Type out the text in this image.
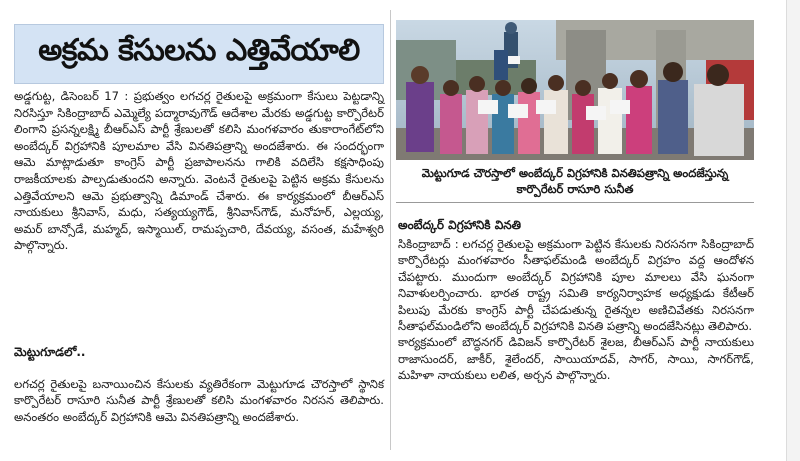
అక్రమ కేసులను ఎత్తివేయాలి

అడ్డగుట్ట, డిసెంబర్ 17 : ప్రభుత్వం లగచర్ల రైతులపై అక్రమంగా కేసులు పెట్టడాన్ని నిరసిస్తూ సికింద్రాబాద్ ఎమ్మెల్యే పద్మారావుగౌడ్ ఆదేశాల మేరకు అడ్డగుట్ట కార్పొరేటర్ లింగాని ప్రసన్నలక్ష్మి బీఆర్ఎస్ పార్టీ శ్రేణులతో కలిసి మంగళవారం తుకారాంగేట్‌లోని అంబేద్కర్ విగ్రహానికి పూలమాల వేసి వినతిపత్రాన్ని అందజేశారు. ఈ సందర్భంగా ఆమె మాట్లాడుతూ కాంగ్రెస్ పార్టీ ప్రజాపాలనను గాలికి వదిలేసి కక్షసాధింపు రాజకీయాలకు పాల్పడుతుందని అన్నారు. వెంటనే రైతులపై పెట్టిన అక్రమ కేసులను ఎత్తివేయాలని ఆమె ప్రభుత్వాన్ని డిమాండ్ చేశారు. ఈ కార్యక్రమంలో బీఆర్ఎస్ నాయకులు శ్రీనివాస్, మధు, సత్యయ్యగౌడ్, శ్రీనివాస్‌గౌడ్, మనోహర్, ఎల్లయ్య, అమర్ బాన్సోడే, మహ్మద్, ఇస్మాయిల్, రామప్పచారి, దేవయ్య, వసంత, మహేశ్వరి పాల్గొన్నారు.

మెట్టుగూడలో..

లగచర్ల రైతులపై బనాయించిన కేసులకు వ్యతిరేకంగా మెట్టుగూడ చౌరస్తాలో స్థానిక కార్పొరేటర్ రాసూరి సునీత పార్టీ శ్రేణులతో కలిసి మంగళవారం నిరసన తెలిపారు. అనంతరం అంబేద్కర్ విగ్రహానికి ఆమె వినతిపత్రాన్ని అందజేశారు.

మెట్టుగూడ చౌరస్తాలో అంబేద్కర్ విగ్రహానికి వినతిపత్రాన్ని అందజేస్తున్న
కార్పొరేటర్ రాసూరి సునీత
అంబేద్కర్ విగ్రహానికి వినతి

సికింద్రాబాద్ : లగచర్ల రైతులపై అక్రమంగా పెట్టిన కేసులకు నిరసనగా సికింద్రాబాద్ కార్పొరేటర్లు మంగళవారం సీతాఫల్‌మండి అంబేద్కర్ విగ్రహం వద్ద ఆందోళన చేపట్టారు. ముందుగా అంబేద్కర్ విగ్రహానికి పూల మాలలు వేసి ఘనంగా నివాళులర్పించారు. భారత రాష్ట్ర సమితి కార్యనిర్వాహక అధ్యక్షుడు కేటీఆర్ పిలుపు మేరకు కాంగ్రెస్ పార్టీ చేపడుతున్న రైతన్నల అణిచివేతకు నిరసనగా సీతాఫల్‌మండిలోని అంబేద్కర్ విగ్రహానికి వినతి పత్రాన్ని అందజేసినట్లు తెలిపారు.

కార్యక్రమంలో బౌద్ధనగర్ డివిజన్ కార్పొరేటర్ శైలజ, బీఆర్ఎస్ పార్టీ నాయకులు రాజాసుందర్, జాకీర్, శైలేందర్, సాయియాదవ్, సాగర్, సాయి, సాగర్‌గౌడ్, మహిళా నాయకులు లలిత, అర్చన పాల్గొన్నారు.
